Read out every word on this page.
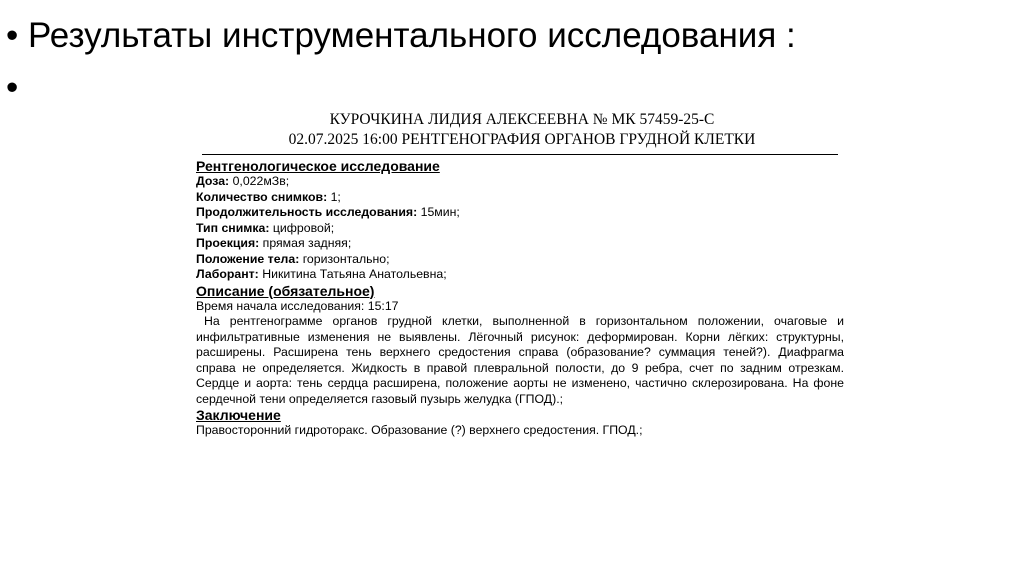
• Результаты инструментального исследования :
•
КУРОЧКИНА ЛИДИЯ АЛЕКСЕЕВНА № МК 57459-25-С
02.07.2025 16:00 РЕНТГЕНОГРАФИЯ ОРГАНОВ ГРУДНОЙ КЛЕТКИ
Рентгенологическое исследование
Доза: 0,022мЗв;
Количество снимков: 1;
Продолжительность исследования: 15мин;
Тип снимка: цифровой;
Проекция: прямая задняя;
Положение тела: горизонтально;
Лаборант: Никитина Татьяна Анатольевна;
Описание (обязательное)
Время начала исследования: 15:17
На рентгенограмме органов грудной клетки, выполненной в горизонтальном положении, очаговые и инфильтративные изменения не выявлены. Лёгочный рисунок: деформирован. Корни лёгких: структурны, расширены. Расширена тень верхнего средостения справа (образование? суммация теней?). Диафрагма справа не определяется. Жидкость в правой плевральной полости, до 9 ребра, счет по задним отрезкам. Сердце и аорта: тень сердца расширена, положение аорты не изменено, частично склерозирована. На фоне сердечной тени определяется газовый пузырь желудка (ГПОД).;
Заключение
Правосторонний гидроторакс. Образование (?) верхнего средостения. ГПОД.;
